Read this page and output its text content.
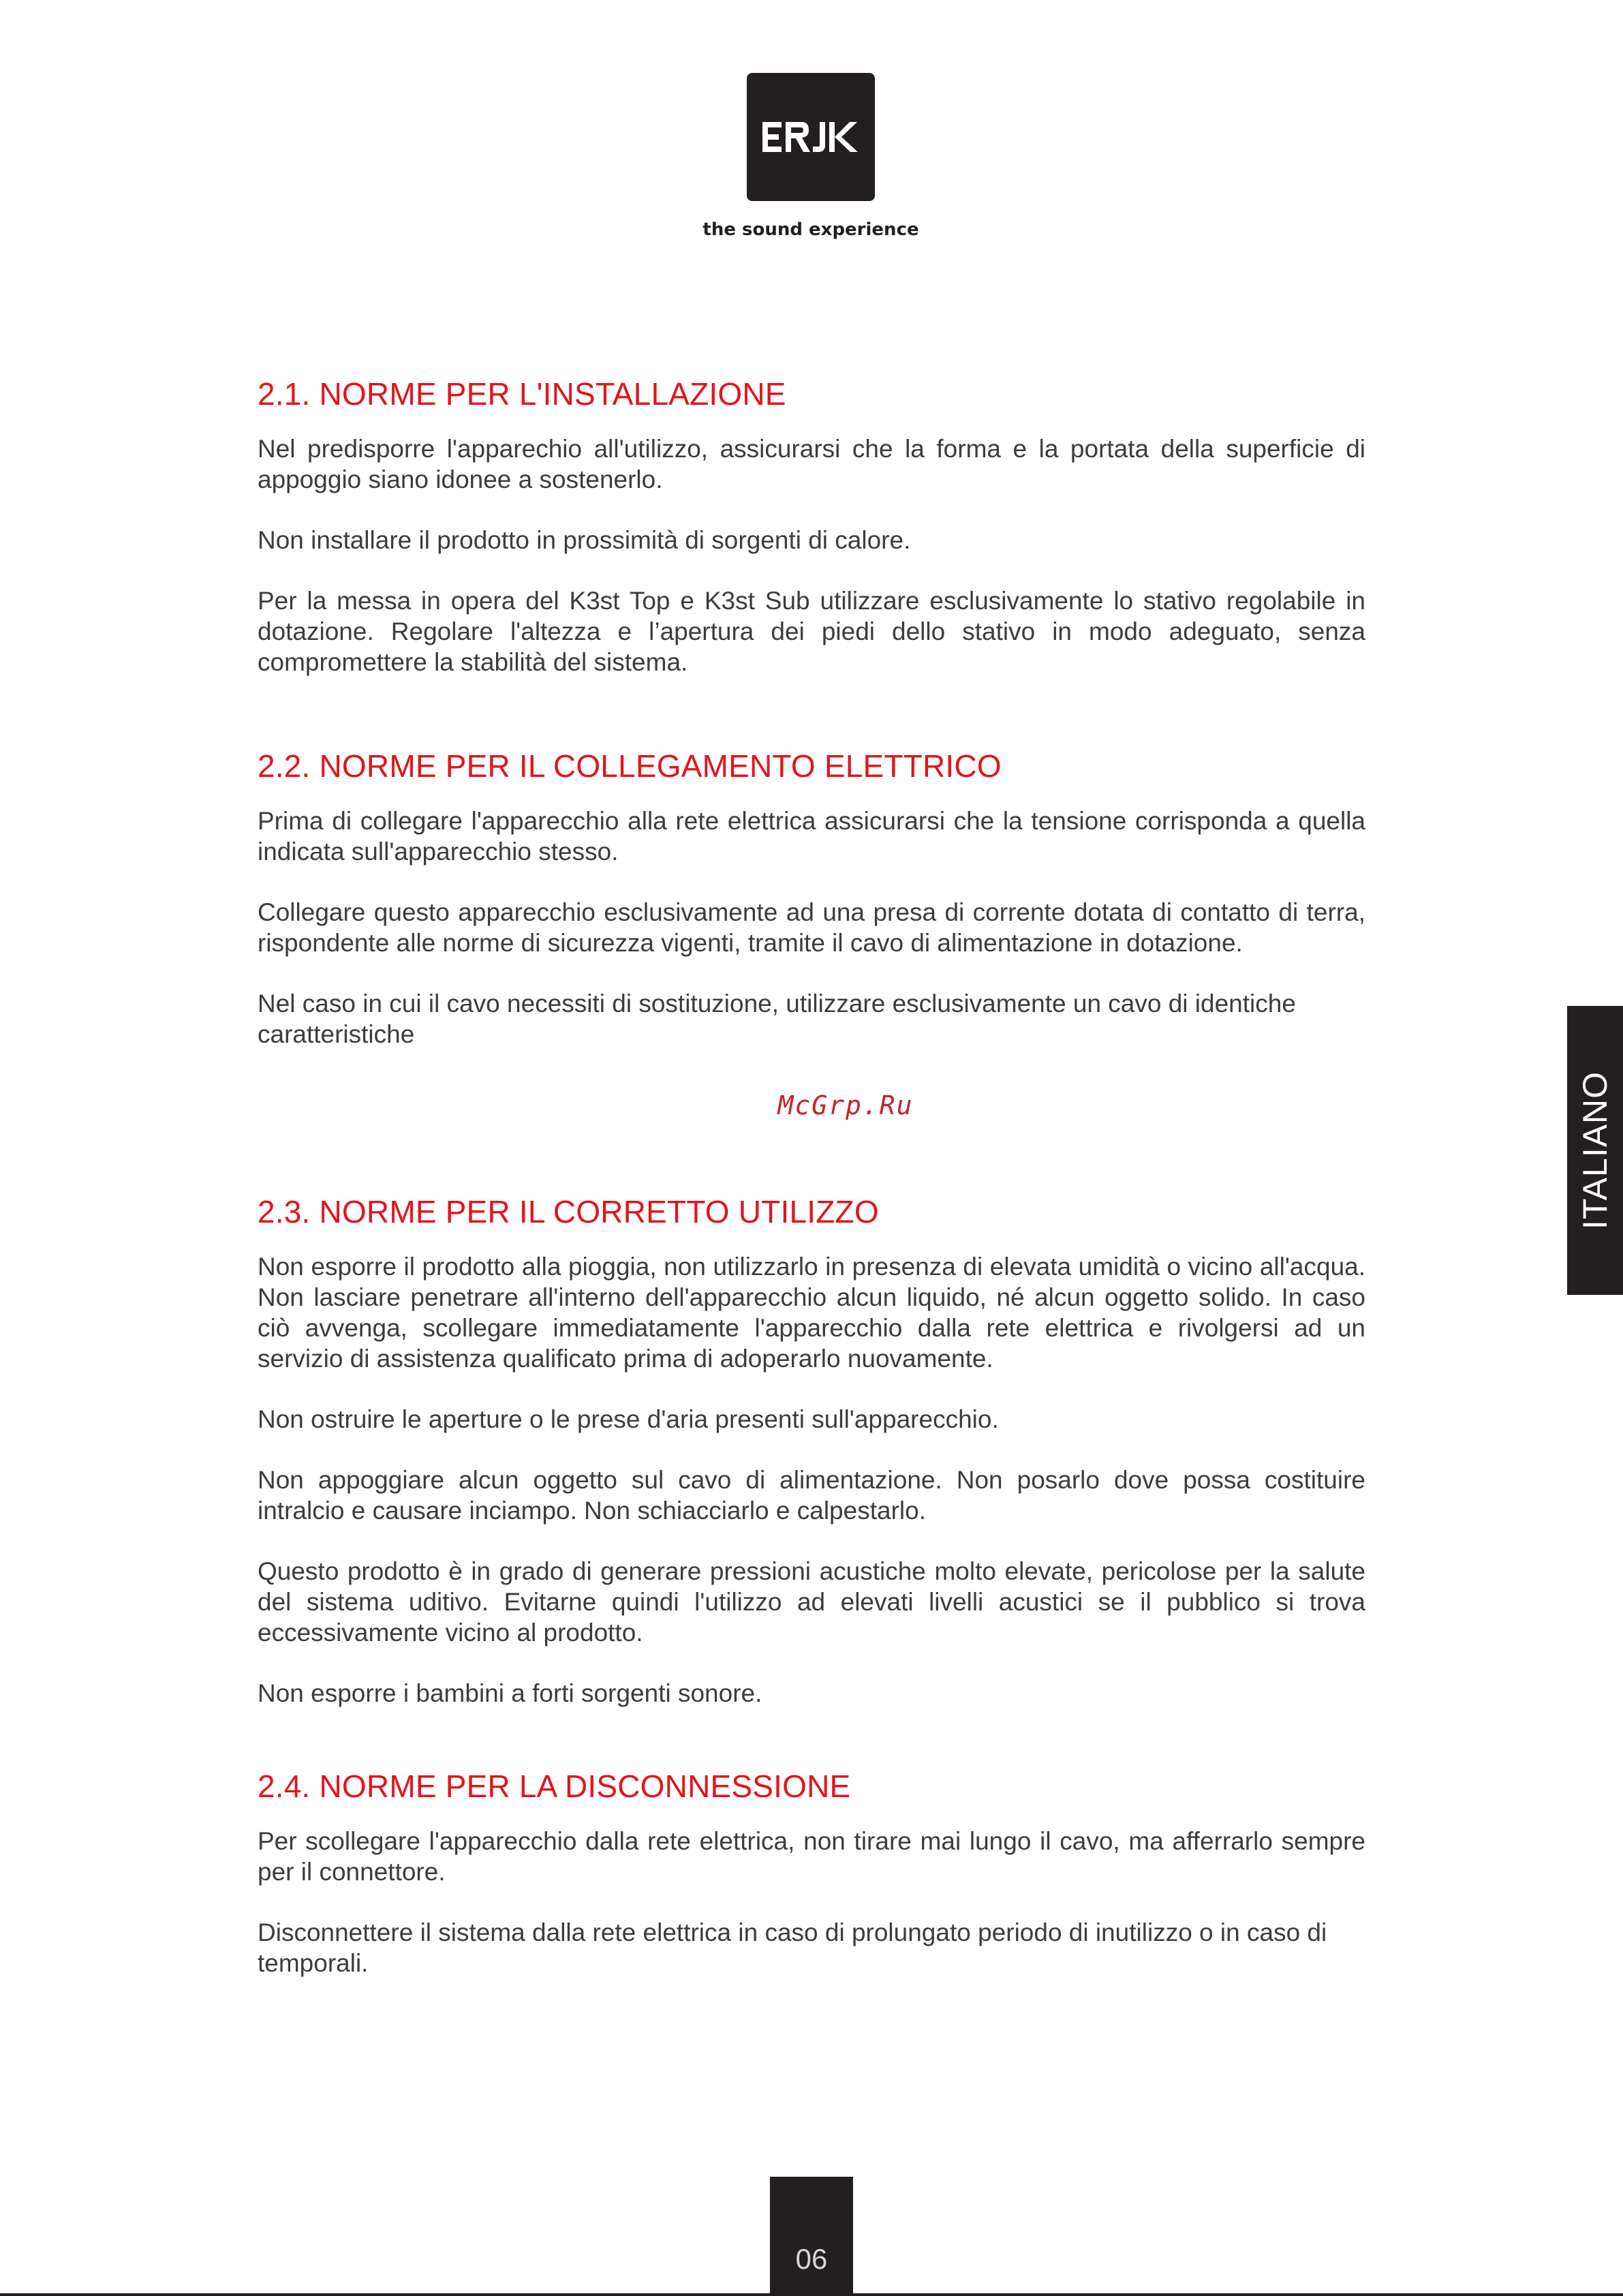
the sound experience
2.1. NORME PER L'INSTALLAZIONE

Nel predisporre l'apparechio all'utilizzo, assicurarsi che la forma e la portata della superficie di appoggio siano idonee a sostenerlo.

Non installare il prodotto in prossimità di sorgenti di calore.

Per la messa in opera del K3st Top e K3st Sub utilizzare esclusivamente lo stativo regolabile in dotazione. Regolare l'altezza e l’apertura dei piedi dello stativo in modo adeguato, senza compromettere la stabilità del sistema.

2.2. NORME PER IL COLLEGAMENTO ELETTRICO

Prima di collegare l'apparecchio alla rete elettrica assicurarsi che la tensione corrisponda a quella indicata sull'apparecchio stesso.

Collegare questo apparecchio esclusivamente ad una presa di corrente dotata di contatto di terra, rispondente alle norme di sicurezza vigenti, tramite il cavo di alimentazione in dotazione.

Nel caso in cui il cavo necessiti di sostituzione, utilizzare esclusivamente un cavo di identiche caratteristiche

McGrp.Ru
2.3. NORME PER IL CORRETTO UTILIZZO

Non esporre il prodotto alla pioggia, non utilizzarlo in presenza di elevata umidità o vicino all'acqua. Non lasciare penetrare all'interno dell'apparecchio alcun liquido, né alcun oggetto solido. In caso ciò avvenga, scollegare immediatamente l'apparecchio dalla rete elettrica e rivolgersi ad un servizio di assistenza qualificato prima di adoperarlo nuovamente.

Non ostruire le aperture o le prese d'aria presenti sull'apparecchio.

Non appoggiare alcun oggetto sul cavo di alimentazione. Non posarlo dove possa costituire intralcio e causare inciampo. Non schiacciarlo e calpestarlo.

Questo prodotto è in grado di generare pressioni acustiche molto elevate, pericolose per la salute del sistema uditivo. Evitarne quindi l'utilizzo ad elevati livelli acustici se il pubblico si trova eccessivamente vicino al prodotto.

Non esporre i bambini a forti sorgenti sonore.

2.4. NORME PER LA DISCONNESSIONE

Per scollegare l'apparecchio dalla rete elettrica, non tirare mai lungo il cavo, ma afferrarlo sempre per il connettore.

Disconnettere il sistema dalla rete elettrica in caso di prolungato periodo di inutilizzo o in caso di temporali.

ITALIANO
06
